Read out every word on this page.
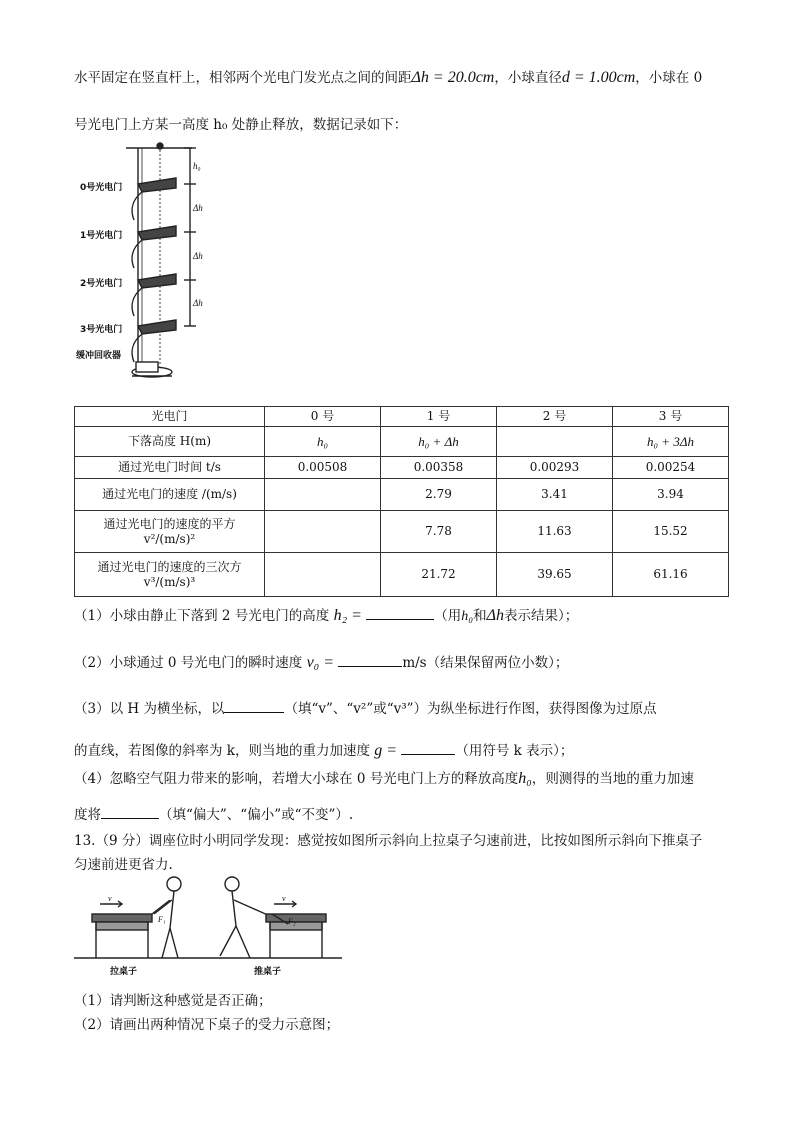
水平固定在竖直杆上，相邻两个光电门发光点之间的间距Δh = 20.0cm，小球直径d = 1.00cm，小球在 0
号光电门上方某一高度 h₀ 处静止释放，数据记录如下：
0号光电门
1号光电门
2号光电门
3号光电门
缓冲回收器
h₀
Δh
Δh
Δh
光电门	0 号	1 号	2 号	3 号
下落高度 H(m)	h₀	h₀ + Δh		h₀ + 3Δh
通过光电门时间 t/s	0.00508	0.00358	0.00293	0.00254
通过光电门的速度 /(m/s)		2.79	3.41	3.94
通过光电门的速度的平方 v²/(m/s)²		7.78	11.63	15.52
通过光电门的速度的三次方 v³/(m/s)³		21.72	39.65	61.16
（1）小球由静止下落到 2 号光电门的高度 h₂ =	（用h₀和Δh表示结果）；
（2）小球通过 0 号光电门的瞬时速度 v₀ =	m/s（结果保留两位小数）；
（3）以 H 为横坐标，以	（填“v”、“v²”或“v³”）为纵坐标进行作图，获得图像为过原点
的直线，若图像的斜率为 k，则当地的重力加速度 g =	（用符号 k 表示）；
（4）忽略空气阻力带来的影响，若增大小球在 0 号光电门上方的释放高度h₀，则测得的当地的重力加速
度将	（填“偏大”、“偏小”或“不变”）.
13.（9 分）调座位时小明同学发现：感觉按如图所示斜向上拉桌子匀速前进，比按如图所示斜向下推桌子
匀速前进更省力.
v
F₁
v
F₂
拉桌子	推桌子
（1）请判断这种感觉是否正确；
（2）请画出两种情况下桌子的受力示意图；
